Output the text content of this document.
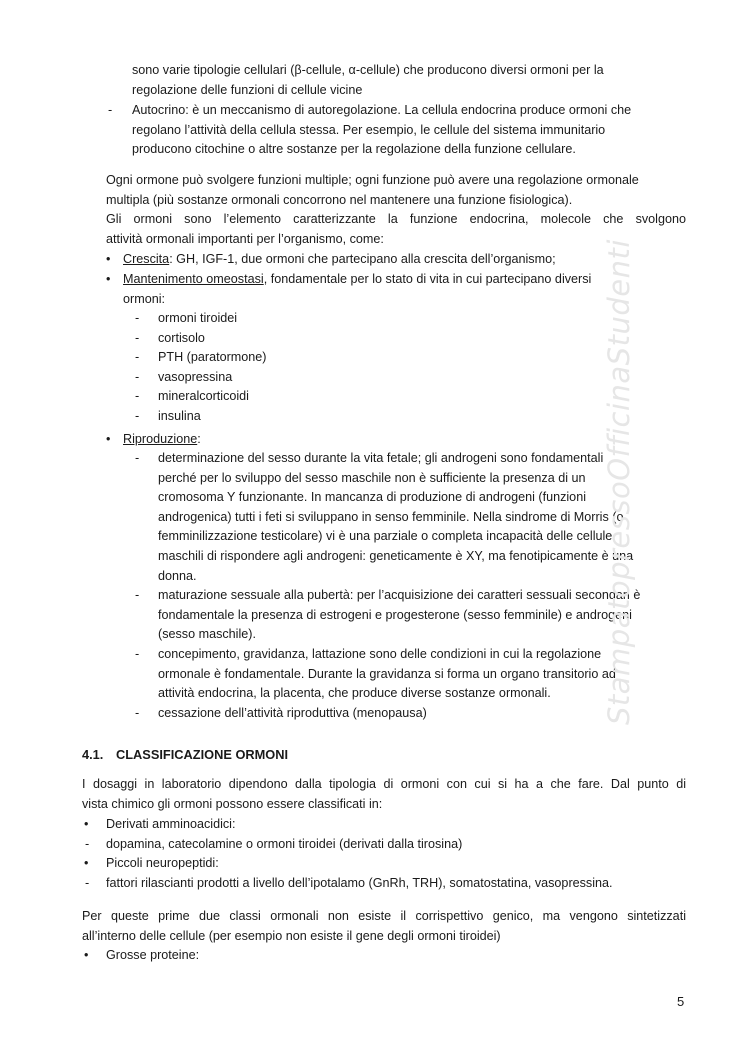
sono varie tipologie cellulari (β-cellule, α-cellule) che producono diversi ormoni per la

regolazione delle funzioni di cellule vicine

- Autocrino: è un meccanismo di autoregolazione. La cellula endocrina produce ormoni che

regolano l’attività della cellula stessa. Per esempio, le cellule del sistema immunitario

producono citochine o altre sostanze per la regolazione della funzione cellulare.

Ogni ormone può svolgere funzioni multiple; ogni funzione può avere una regolazione ormonale

multipla (più sostanze ormonali concorrono nel mantenere una funzione fisiologica).

Gli ormoni sono l’elemento caratterizzante la funzione endocrina, molecole che svolgono

attività ormonali importanti per l’organismo, come:

• Crescita: GH, IGF-1, due ormoni che partecipano alla crescita dell’organismo;
• Mantenimento omeostasi, fondamentale per lo stato di vita in cui partecipano diversi

ormoni:

- ormoni tiroidei
- cortisolo
- PTH (paratormone)
- vasopressina
- mineralcorticoidi
- insulina
• Riproduzione:
- determinazione del sesso durante la vita fetale; gli androgeni sono fondamentali

perché per lo sviluppo del sesso maschile non è sufficiente la presenza di un

cromosoma Y funzionante. In mancanza di produzione di androgeni (funzioni

androgenica) tutti i feti si sviluppano in senso femminile. Nella sindrome di Morris (o

femminilizzazione testicolare) vi è una parziale o completa incapacità delle cellule

maschili di rispondere agli androgeni: geneticamente è XY, ma fenotipicamente è una

donna.

- maturazione sessuale alla pubertà: per l’acquisizione dei caratteri sessuali secondari è

fondamentale la presenza di estrogeni e progesterone (sesso femminile) e androgeni

(sesso maschile).

- concepimento, gravidanza, lattazione sono delle condizioni in cui la regolazione

ormonale è fondamentale. Durante la gravidanza si forma un organo transitorio ad

attività endocrina, la placenta, che produce diverse sostanze ormonali.

- cessazione dell’attività riproduttiva (menopausa)

4.1. CLASSIFICAZIONE ORMONI

I dosaggi in laboratorio dipendono dalla tipologia di ormoni con cui si ha a che fare. Dal punto di

vista chimico gli ormoni possono essere classificati in:

• Derivati amminoacidici:
- dopamina, catecolamine o ormoni tiroidei (derivati dalla tirosina)
• Piccoli neuropeptidi:
- fattori rilascianti prodotti a livello dell’ipotalamo (GnRh, TRH), somatostatina, vasopressina.

Per queste prime due classi ormonali non esiste il corrispettivo genico, ma vengono sintetizzati

all’interno delle cellule (per esempio non esiste il gene degli ormoni tiroidei)

• Grosse proteine:
StampatopressoOfficinaStudenti
5
